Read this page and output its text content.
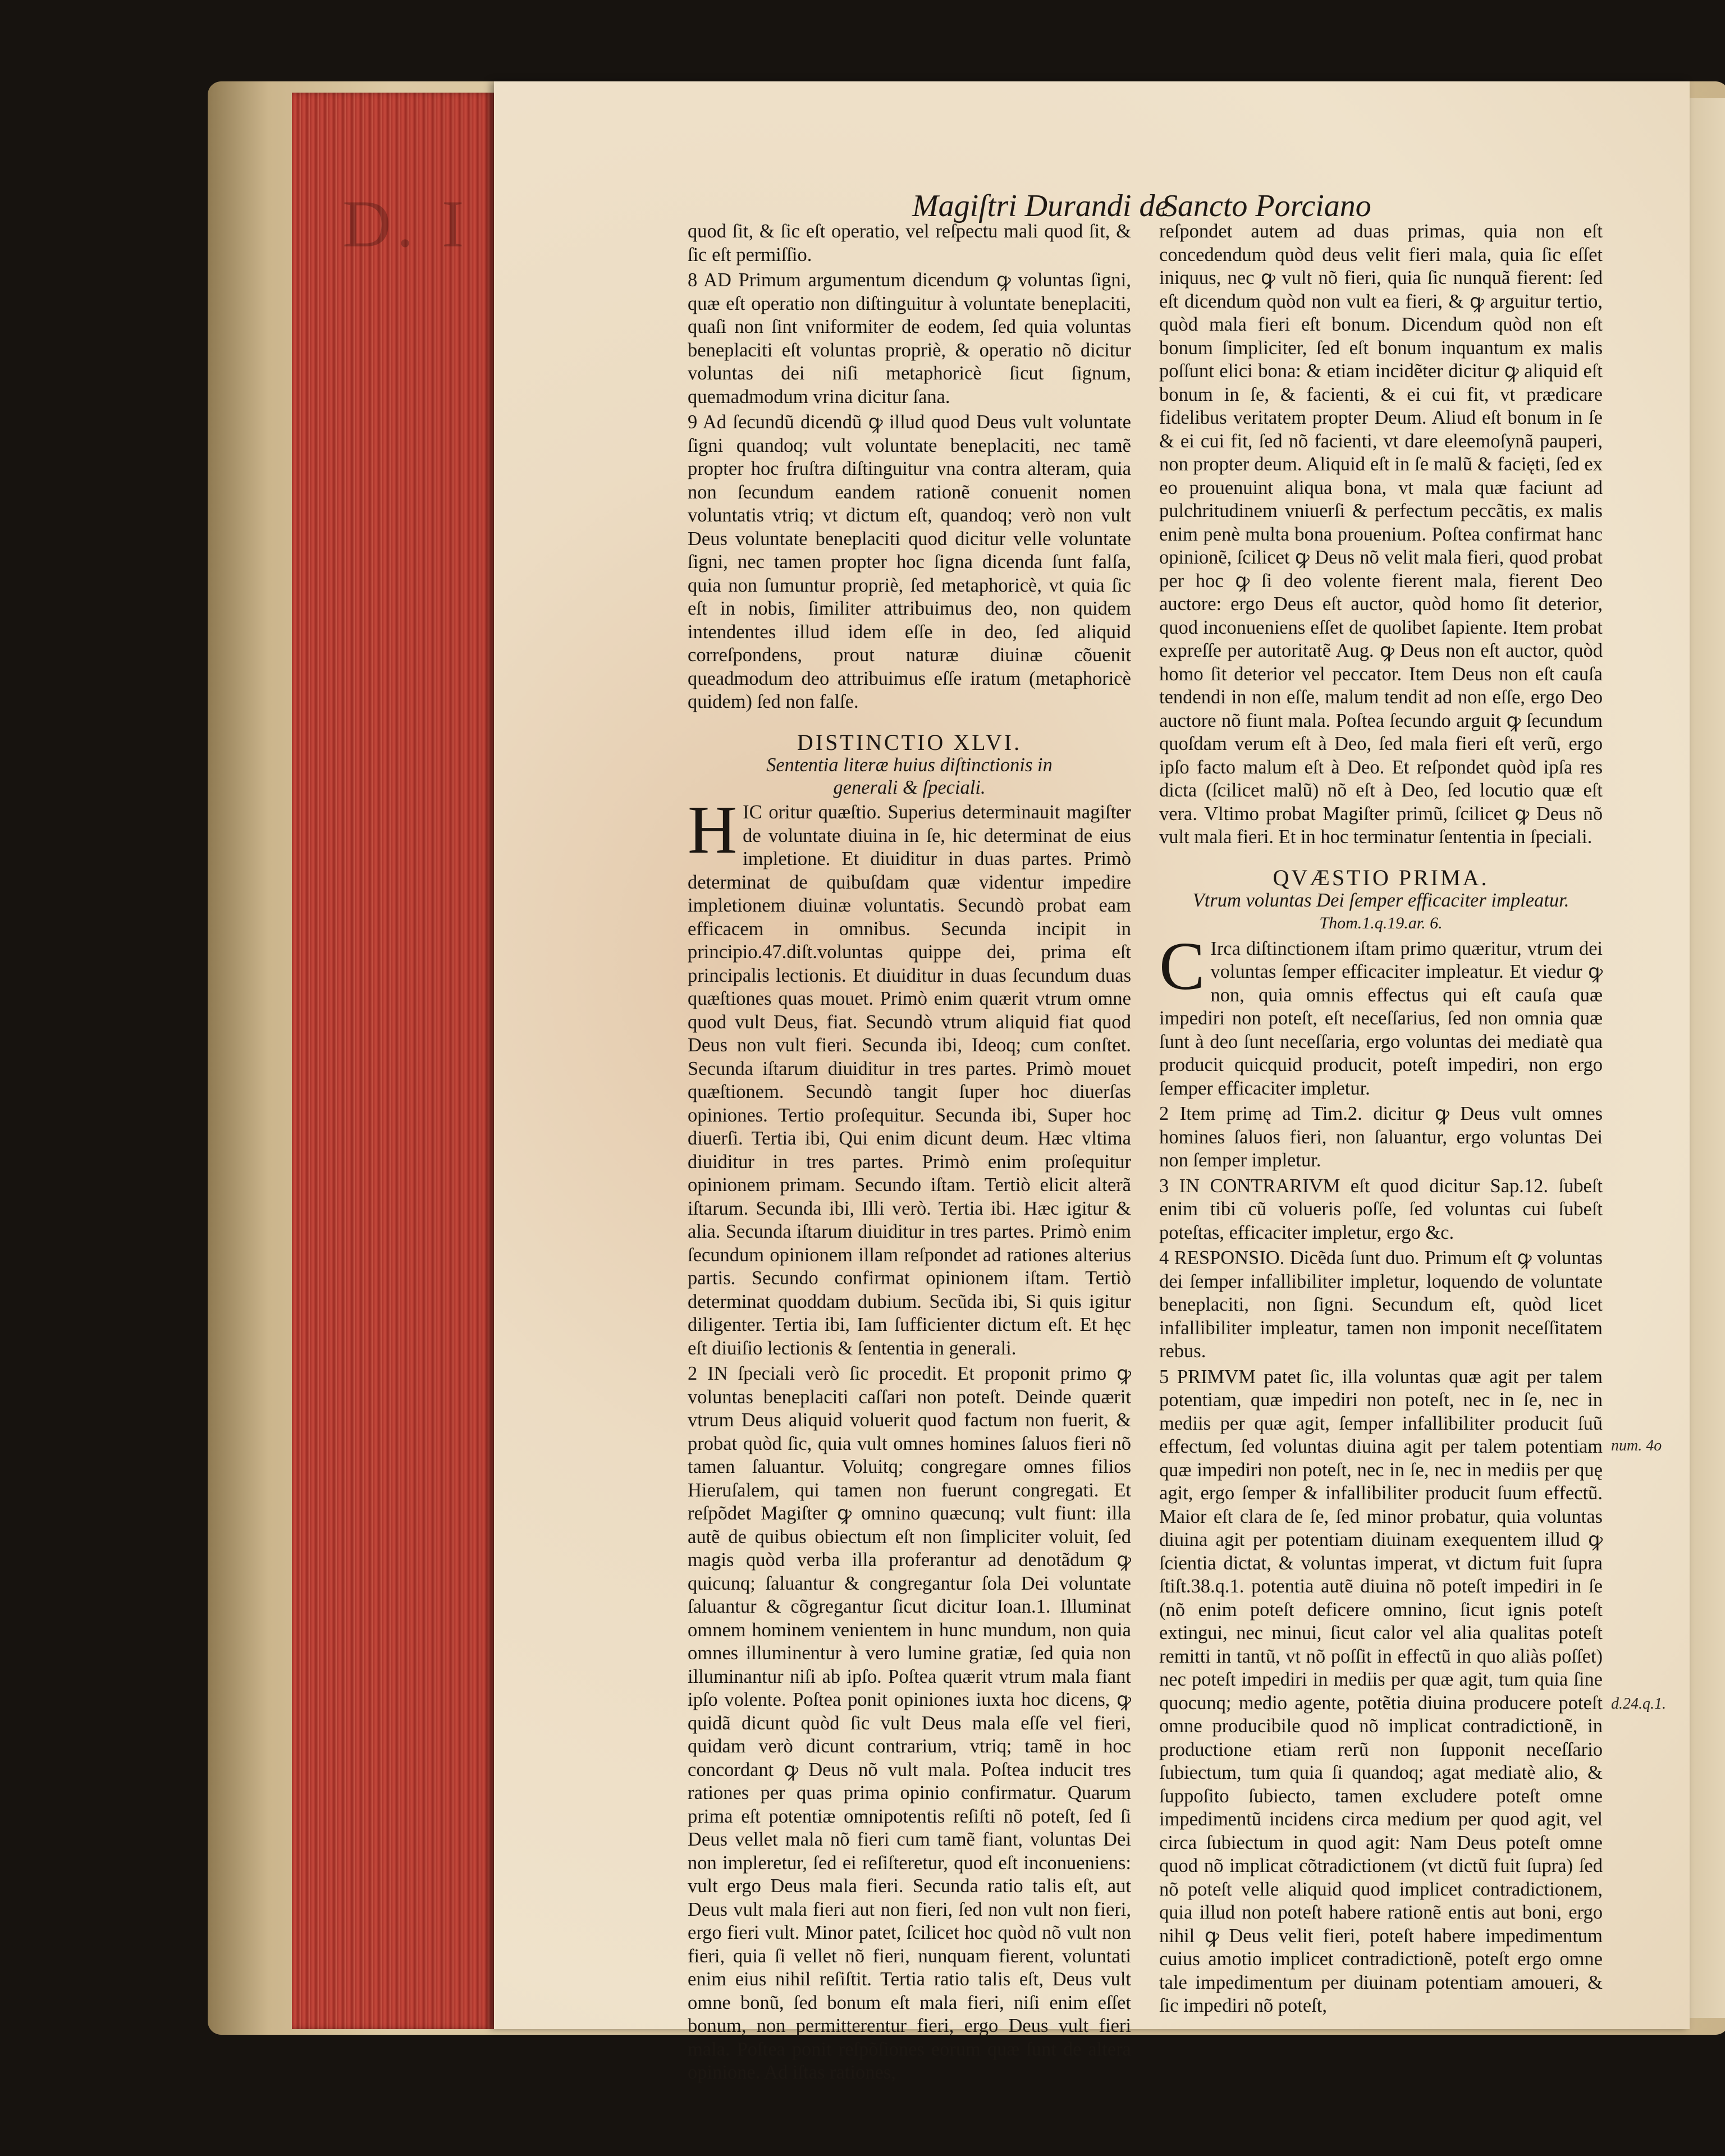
D. I	Magiſtri Durandi de
Sancto Porciano

quod ſit, & ſic eſt operatio, vel reſpectu mali quod ſit, & ſic eſt permiſſio.

8 AD Primum argumentum dicendum ꝙ voluntas ſigni, quæ eſt operatio non diſtinguitur à voluntate beneplaciti, quaſi non ſint vniformiter de eodem, ſed quia voluntas beneplaciti eſt voluntas propriè, & operatio nõ dicitur voluntas dei niſi metaphoricè ſicut ſignum, quemadmodum vrina dicitur ſana.

9 Ad ſecundũ dicendũ ꝙ illud quod Deus vult voluntate ſigni quandoq; vult voluntate beneplaciti, nec tamẽ propter hoc fruſtra diſtinguitur vna contra alteram, quia non ſecundum eandem rationẽ conuenit nomen voluntatis vtriq; vt dictum eſt, quandoq; verò non vult Deus voluntate beneplaciti quod dicitur velle voluntate ſigni, nec tamen propter hoc ſigna dicenda ſunt falſa, quia non ſumuntur propriè, ſed metaphoricè, vt quia ſic eſt in nobis, ſimiliter attribuimus deo, non quidem intendentes illud idem eſſe in deo, ſed aliquid correſpondens, prout naturæ diuinæ cõuenit queadmodum deo attribuimus eſſe iratum (metaphoricè quidem) ſed non falſe.

DISTINCTIO XLVI.
Sententia literæ huius diſtinctionis in
generali & ſpeciali.

HIC oritur quæſtio. Superius determinauit magiſter de voluntate diuina in ſe, hic determinat de eius impletione. Et diuiditur in duas partes. Primò determinat de quibuſdam quæ videntur impedire impletionem diuinæ voluntatis. Secundò probat eam efficacem in omnibus. Secunda incipit in principio.47.diſt.voluntas quippe dei, prima eſt principalis lectionis. Et diuiditur in duas ſecundum duas quæſtiones quas mouet. Primò enim quærit vtrum omne quod vult Deus, fiat. Secundò vtrum aliquid fiat quod Deus non vult fieri. Secunda ibi, Ideoq; cum conſtet. Secunda iſtarum diuiditur in tres partes. Primò mouet quæſtionem. Secundò tangit ſuper hoc diuerſas opiniones. Tertio proſequitur. Secunda ibi, Super hoc diuerſi. Tertia ibi, Qui enim dicunt deum. Hæc vltima diuiditur in tres partes. Primò enim proſequitur opinionem primam. Secundo iſtam. Tertiò elicit alterã iſtarum. Secunda ibi, Illi verò. Tertia ibi. Hæc igitur & alia. Secunda iſtarum diuiditur in tres partes. Primò enim ſecundum opinionem illam reſpondet ad rationes alterius partis. Secundo confirmat opinionem iſtam. Tertiò determinat quoddam dubium. Secũda ibi, Si quis igitur diligenter. Tertia ibi, Iam ſufficienter dictum eſt. Et hęc eſt diuiſio lectionis & ſententia in generali.

2 IN ſpeciali verò ſic procedit. Et proponit primo ꝙ voluntas beneplaciti caſſari non poteſt. Deinde quærit vtrum Deus aliquid voluerit quod factum non fuerit, & probat quòd ſic, quia vult omnes homines ſaluos fieri nõ tamen ſaluantur. Voluitq; congregare omnes filios Hieruſalem, qui tamen non fuerunt congregati. Et reſpõdet Magiſter ꝙ omnino quæcunq; vult fiunt: illa autẽ de quibus obiectum eſt non ſimpliciter voluit, ſed magis quòd verba illa proferantur ad denotãdum ꝙ quicunq; ſaluantur & congregantur ſola Dei voluntate ſaluantur & cõgregantur ſicut dicitur Ioan.1. Illuminat omnem hominem venientem in hunc mundum, non quia omnes illuminentur à vero lumine gratiæ, ſed quia non illuminantur niſi ab ipſo. Poſtea quærit vtrum mala fiant ipſo volente. Poſtea ponit opiniones iuxta hoc dicens, ꝙ quidã dicunt quòd ſic vult Deus mala eſſe vel fieri, quidam verò dicunt contrarium, vtriq; tamẽ in hoc concordant ꝙ Deus nõ vult mala. Poſtea inducit tres rationes per quas prima opinio confirmatur. Quarum prima eſt potentiæ omnipotentis reſiſti nõ poteſt, ſed ſi Deus vellet mala nõ fieri cum tamẽ fiant, voluntas Dei non impleretur, ſed ei reſiſteretur, quod eſt inconueniens: vult ergo Deus mala fieri. Secunda ratio talis eſt, aut Deus vult mala fieri aut non fieri, ſed non vult non fieri, ergo fieri vult. Minor patet, ſcilicet hoc quòd nõ vult non fieri, quia ſi vellet nõ fieri, nunquam fierent, voluntati enim eius nihil reſiſtit. Tertia ratio talis eſt, Deus vult omne bonũ, ſed bonum eſt mala fieri, niſi enim eſſet bonum, non permitterentur fieri, ergo Deus vult fieri mala. Poſtea ponit reſpõſiones eorum quæ ſunt de altera opinione. Ad iſtas rationes,

reſpondet autem ad duas primas, quia non eſt concedendum quòd deus velit fieri mala, quia ſic eſſet iniquus, nec ꝙ vult nõ fieri, quia ſic nunquã fierent: ſed eſt dicendum quòd non vult ea fieri, & ꝙ arguitur tertio, quòd mala fieri eſt bonum. Dicendum quòd non eſt bonum ſimpliciter, ſed eſt bonum inquantum ex malis poſſunt elici bona: & etiam incidẽter dicitur ꝙ aliquid eſt bonum in ſe, & facienti, & ei cui fit, vt prædicare fidelibus veritatem propter Deum. Aliud eſt bonum in ſe & ei cui fit, ſed nõ facienti, vt dare eleemoſynã pauperi, non propter deum. Aliquid eſt in ſe malũ & facięti, ſed ex eo prouenuint aliqua bona, vt mala quæ faciunt ad pulchritudinem vniuerſi & perfectum peccãtis, ex malis enim penè multa bona prouenium. Poſtea confirmat hanc opinionẽ, ſcilicet ꝙ Deus nõ velit mala fieri, quod probat per hoc ꝙ ſi deo volente fierent mala, fierent Deo auctore: ergo Deus eſt auctor, quòd homo ſit deterior, quod inconueniens eſſet de quolibet ſapiente. Item probat expreſſe per autoritatẽ Aug. ꝙ Deus non eſt auctor, quòd homo ſit deterior vel peccator. Item Deus non eſt cauſa tendendi in non eſſe, malum tendit ad non eſſe, ergo Deo auctore nõ fiunt mala. Poſtea ſecundo arguit ꝙ ſecundum quoſdam verum eſt à Deo, ſed mala fieri eſt verũ, ergo ipſo facto malum eſt à Deo. Et reſpondet quòd ipſa res dicta (ſcilicet malũ) nõ eſt à Deo, ſed locutio quæ eſt vera. Vltimo probat Magiſter primũ, ſcilicet ꝙ Deus nõ vult mala fieri. Et in hoc terminatur ſententia in ſpeciali.

QVÆSTIO PRIMA.
Vtrum voluntas Dei ſemper efficaciter impleatur.
Thom.1.q.19.ar. 6.

C Irca diſtinctionem iſtam primo quæritur, vtrum dei voluntas ſemper efficaciter impleatur. Et viedur ꝙ non, quia omnis effectus qui eſt cauſa quæ impediri non poteſt, eſt neceſſarius, ſed non omnia quæ ſunt à deo ſunt neceſſaria, ergo voluntas dei mediatè qua producit quicquid producit, poteſt impediri, non ergo ſemper efficaciter impletur.

2 Item primę ad Tim.2. dicitur ꝙ Deus vult omnes homines ſaluos fieri, non ſaluantur, ergo voluntas Dei non ſemper impletur.

3 IN CONTRARIVM eſt quod dicitur Sap.12. ſubeſt enim tibi cũ volueris poſſe, ſed voluntas cui ſubeſt poteſtas, efficaciter impletur, ergo &c.

4 RESPONSIO. Dicẽda ſunt duo. Primum eſt ꝙ voluntas dei ſemper infallibiliter impletur, loquendo de voluntate beneplaciti, non ſigni. Secundum eſt, quòd licet infallibiliter impleatur, tamen non imponit neceſſitatem rebus.

5 PRIMVM patet ſic, illa voluntas quæ agit per talem potentiam, quæ impediri non poteſt, nec in ſe, nec in mediis per quæ agit, ſemper infallibiliter producit ſuũ effectum, ſed voluntas diuina agit per talem potentiam quæ impediri non poteſt, nec in ſe, nec in mediis per quę agit, ergo ſemper & infallibiliter producit ſuum effectũ. Maior eſt clara de ſe, ſed minor probatur, quia voluntas diuina agit per potentiam diuinam exequentem illud ꝙ ſcientia dictat, & voluntas imperat, vt dictum fuit ſupra ſtiſt.38.q.1. potentia autẽ diuina nõ poteſt impediri in ſe (nõ enim poteſt deficere omnino, ſicut ignis poteſt extingui, nec minui, ſicut calor vel alia qualitas poteſt remitti in tantũ, vt nõ poſſit in effectũ in quo aliàs poſſet) nec poteſt impediri in mediis per quæ agit, tum quia ſine quocunq; medio agente, potẽtia diuina producere poteſt omne producibile quod nõ implicat contradictionẽ, in productione etiam rerũ non ſupponit neceſſario ſubiectum, tum quia ſi quandoq; agat mediatè alio, & ſuppoſito ſubiecto, tamen excludere poteſt omne impedimentũ incidens circa medium per quod agit, vel circa ſubiectum in quod agit: Nam Deus poteſt omne quod nõ implicat cõtradictionem (vt dictũ fuit ſupra) ſed nõ poteſt velle aliquid quod implicet contradictionem, quia illud non poteſt habere rationẽ entis aut boni, ergo nihil ꝙ Deus velit fieri, poteſt habere impedimentum cuius amotio implicet contradictionẽ, poteſt ergo omne tale impedimentum per diuinam potentiam amoueri, & ſic impediri nõ poteſt,

num. 4o
d.24.q.1.
